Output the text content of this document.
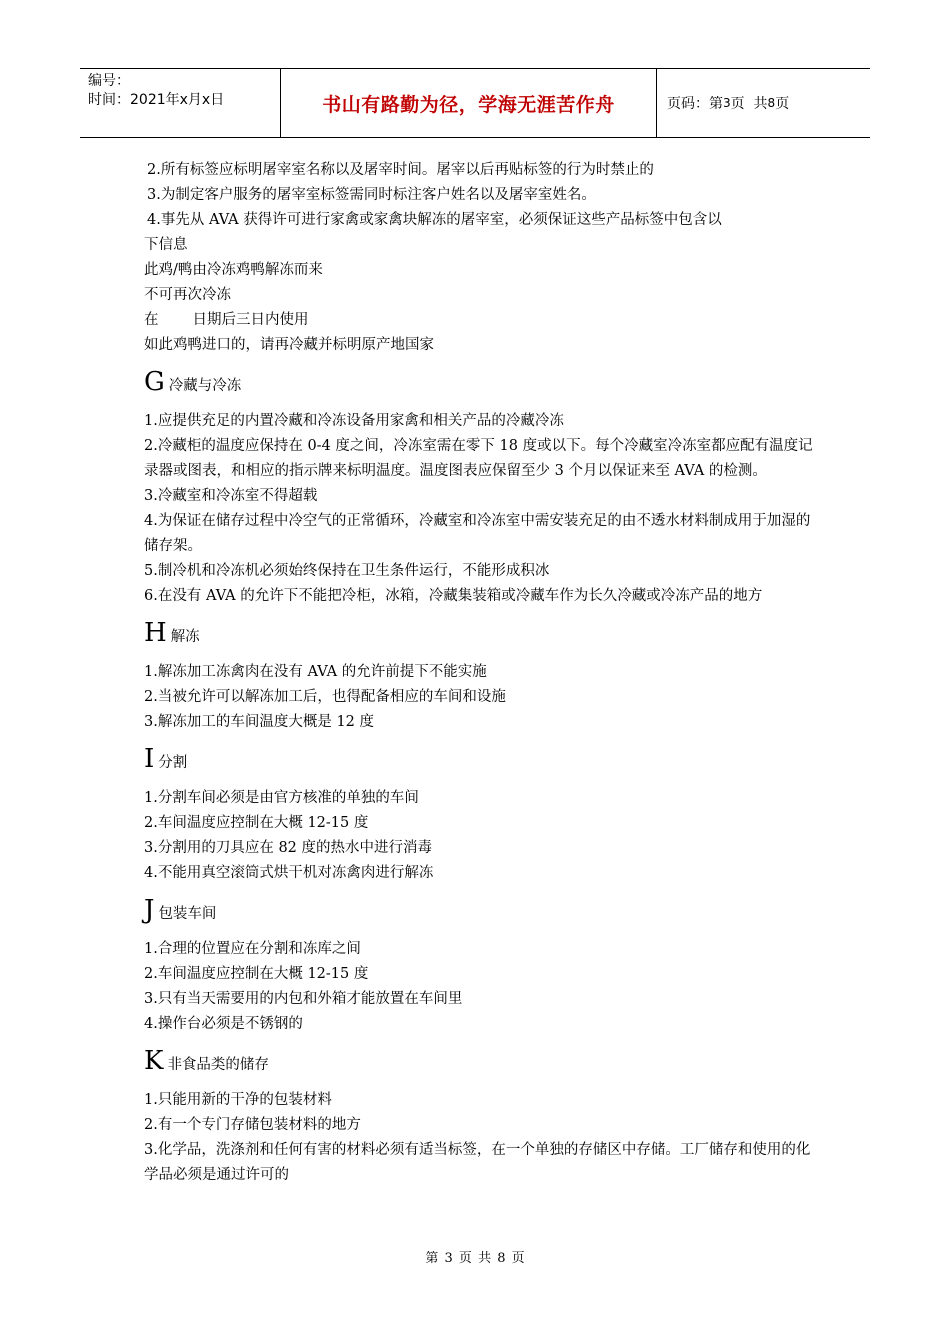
编号：
时间：2021年x月x日	书山有路勤为径，学海无涯苦作舟	页码：第 3 页  共 8 页
2.所有标签应标明屠宰室名称以及屠宰时间。屠宰以后再贴标签的行为时禁止的
3.为制定客户服务的屠宰室标签需同时标注客户姓名以及屠宰室姓名。
4.事先从 AVA 获得许可进行家禽或家禽块解冻的屠宰室，必须保证这些产品标签中包含以
下信息
此鸡/鸭由冷冻鸡鸭解冻而来
不可再次冷冻
在 日期后三日内使用
如此鸡鸭进口的，请再冷藏并标明原产地国家
G冷藏与冷冻
1.应提供充足的内置冷藏和冷冻设备用家禽和相关产品的冷藏冷冻
2.冷藏柜的温度应保持在 0-4 度之间，冷冻室需在零下 18 度或以下。每个冷藏室冷冻室都应配有温度记录器或图表，和相应的指示牌来标明温度。温度图表应保留至少 3 个月以保证来至 AVA 的检测。
3.冷藏室和冷冻室不得超载
4.为保证在储存过程中冷空气的正常循环，冷藏室和冷冻室中需安装充足的由不透水材料制成用于加湿的储存架。
5.制冷机和冷冻机必须始终保持在卫生条件运行，不能形成积冰
6.在没有 AVA 的允许下不能把冷柜，冰箱，冷藏集装箱或冷藏车作为长久冷藏或冷冻产品的地方
H解冻
1.解冻加工冻禽肉在没有 AVA 的允许前提下不能实施
2.当被允许可以解冻加工后，也得配备相应的车间和设施
3.解冻加工的车间温度大概是 12 度
I分割
1.分割车间必须是由官方核准的单独的车间
2.车间温度应控制在大概 12-15 度
3.分割用的刀具应在 82 度的热水中进行消毒
4.不能用真空滚筒式烘干机对冻禽肉进行解冻
J包装车间
1.合理的位置应在分割和冻库之间
2.车间温度应控制在大概 12-15 度
3.只有当天需要用的内包和外箱才能放置在车间里
4.操作台必须是不锈钢的
K非食品类的储存
1.只能用新的干净的包装材料
2.有一个专门存储包装材料的地方
3.化学品，洗涤剂和任何有害的材料必须有适当标签，在一个单独的存储区中存储。工厂储存和使用的化学品必须是通过许可的
第 3 页 共 8 页
